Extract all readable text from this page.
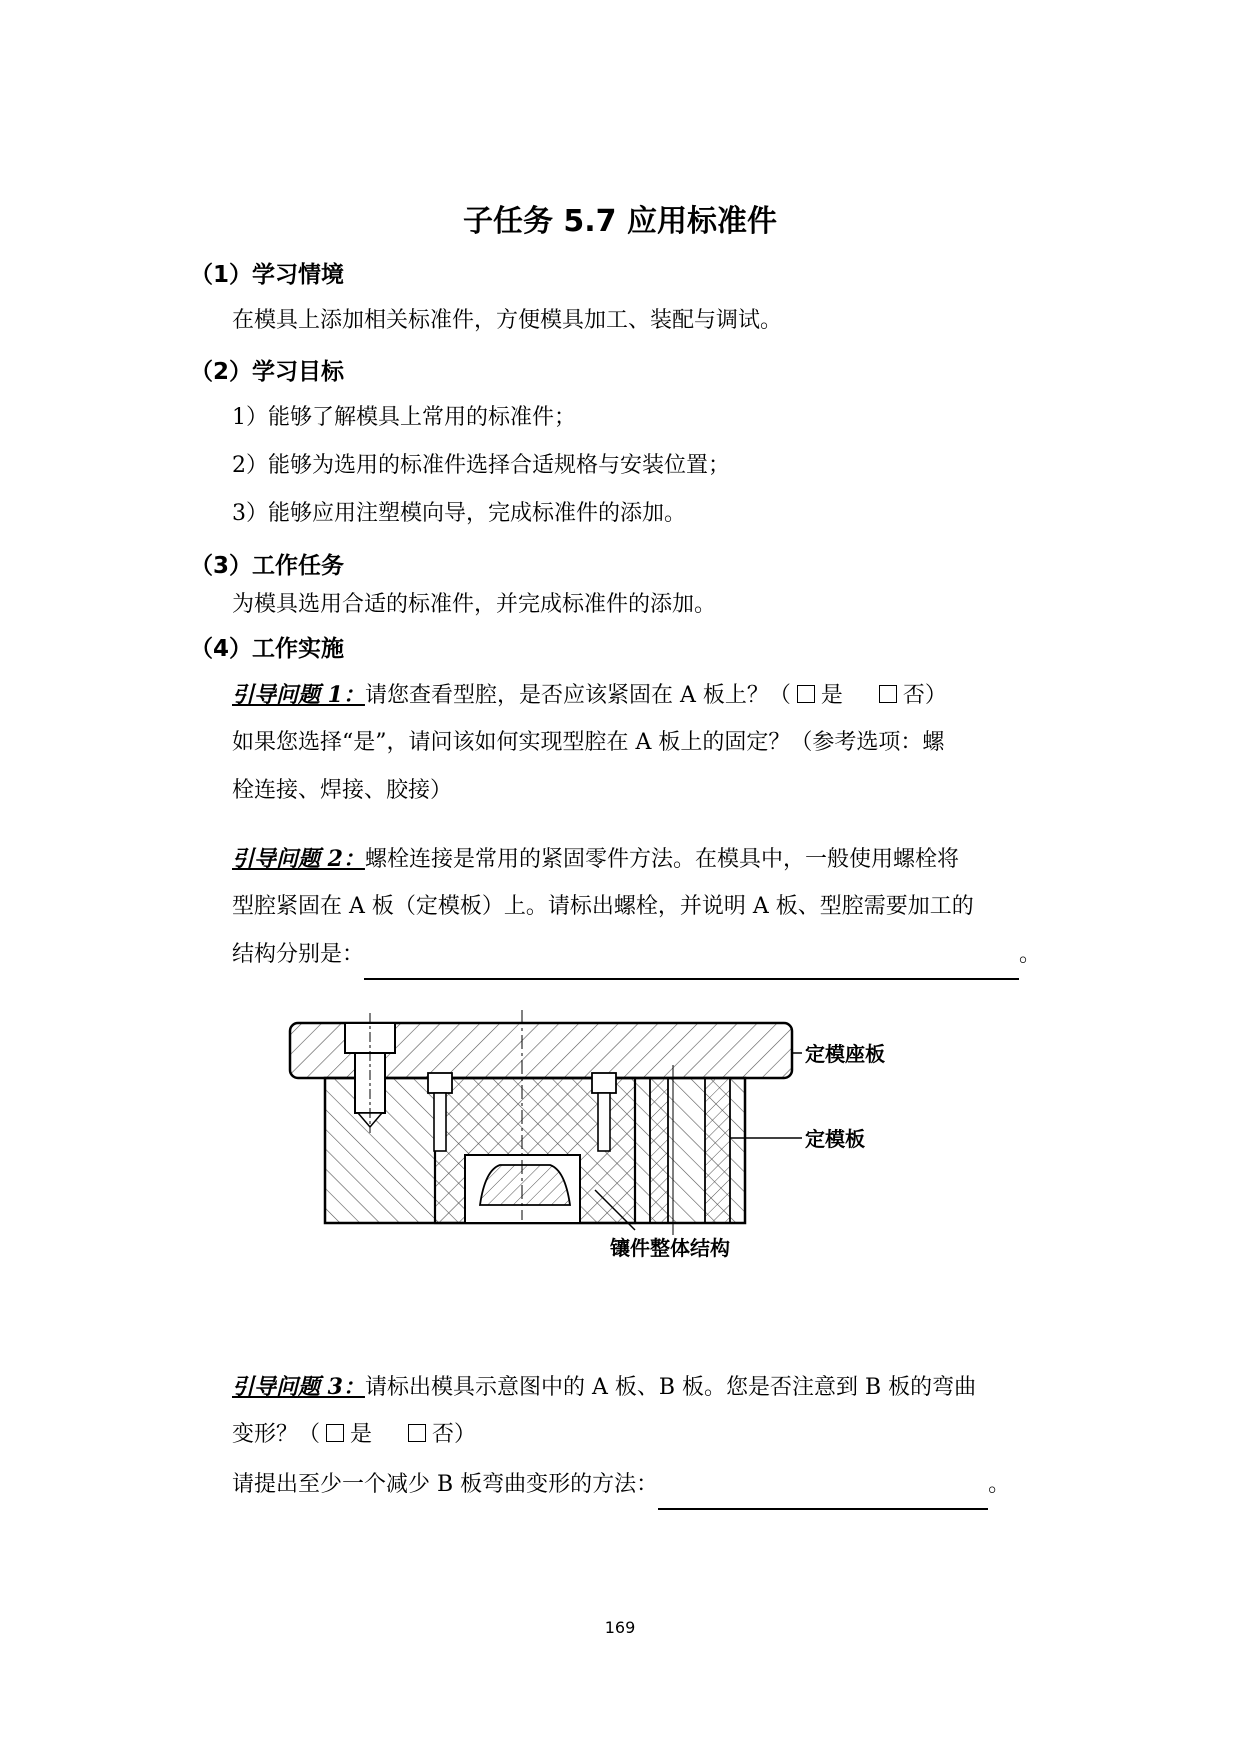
子任务 5.7 应用标准件
（1）学习情境
在模具上添加相关标准件，方便模具加工、装配与调试。
（2）学习目标
1）能够了解模具上常用的标准件；
2）能够为选用的标准件选择合适规格与安装位置；
3）能够应用注塑模向导，完成标准件的添加。
（3）工作任务
为模具选用合适的标准件，并完成标准件的添加。
（4）工作实施
引导问题 1：请您查看型腔，是否应该紧固在 A 板上？（ 是	否）
如果您选择“是”，请问该如何实现型腔在 A 板上的固定？（参考选项：螺
栓连接、焊接、胶接）
引导问题 2：螺栓连接是常用的紧固零件方法。在模具中，一般使用螺栓将
型腔紧固在 A 板（定模板）上。请标出螺栓，并说明 A 板、型腔需要加工的
结构分别是：	。
定模座板
定模板
镶件整体结构
引导问题 3：请标出模具示意图中的 A 板、B 板。您是否注意到 B 板的弯曲
变形？（ 是	否）
请提出至少一个减少 B 板弯曲变形的方法：	。
169
